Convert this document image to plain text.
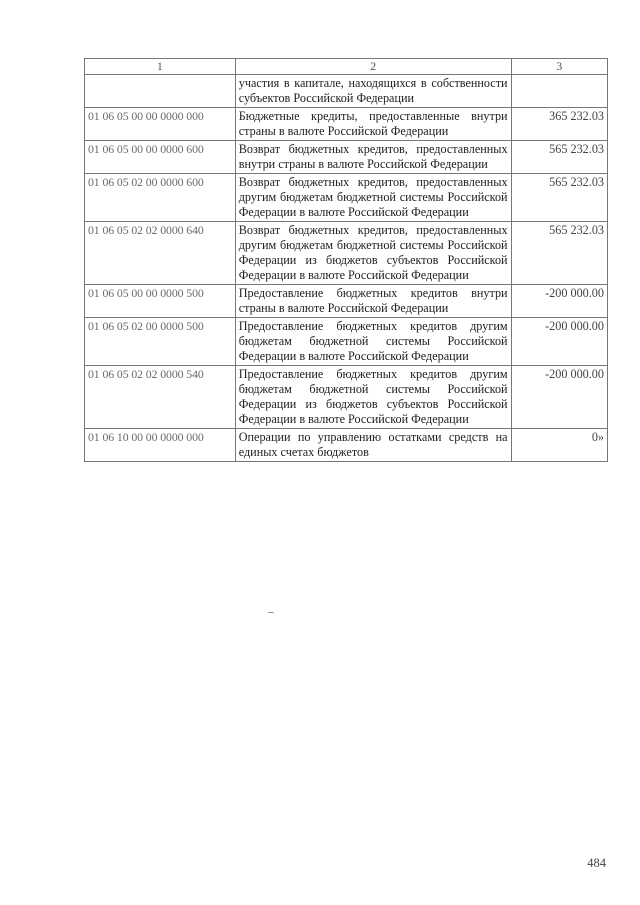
1	2	3
	участия в капитале, находящихся в собственности субъектов Российской Федерации	
01 06 05 00 00 0000 000	Бюджетные кредиты, предоставленные внутри страны в валюте Российской Федерации	365 232.03
01 06 05 00 00 0000 600	Возврат бюджетных кредитов, предоставленных внутри страны в валюте Российской Федерации	565 232.03
01 06 05 02 00 0000 600	Возврат бюджетных кредитов, предоставленных другим бюджетам бюджетной системы Российской Федерации в валюте Российской Федерации	565 232.03
01 06 05 02 02 0000 640	Возврат бюджетных кредитов, предоставленных другим бюджетам бюджетной системы Российской Федерации из бюджетов субъектов Российской Федерации в валюте Российской Федерации	565 232.03
01 06 05 00 00 0000 500	Предоставление бюджетных кредитов внутри страны в валюте Российской Федерации	-200 000.00
01 06 05 02 00 0000 500	Предоставление бюджетных кредитов другим бюджетам бюджетной системы Российской Федерации в валюте Российской Федерации	-200 000.00
01 06 05 02 02 0000 540	Предоставление бюджетных кредитов другим бюджетам бюджетной системы Российской Федерации из бюджетов субъектов Российской Федерации в валюте Российской Федерации	-200 000.00
01 06 10 00 00 0000 000	Операции по управлению остатками средств на единых счетах бюджетов	0»
484
